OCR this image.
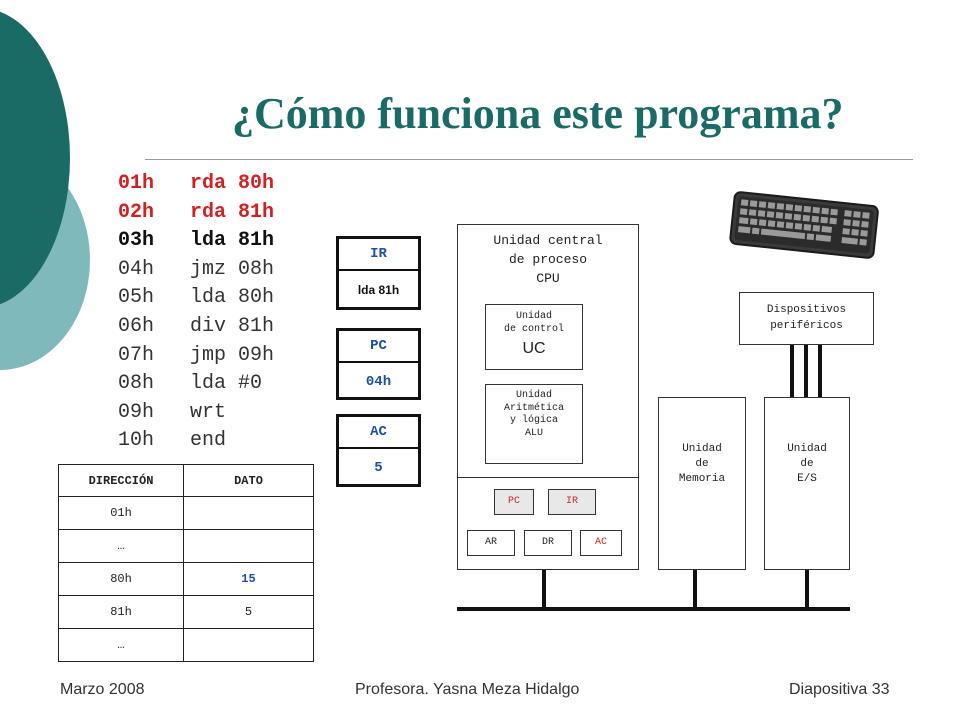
¿Cómo funciona este programa?
01h	rda 80h
02h	rda 81h
03h	lda 81h
04h	jmz 08h
05h	lda 80h
06h	div 81h
07h	jmp 09h
08h	lda #0
09h	wrt
10h	end
DIRECCIÓN	DATO
01h	
…	
80h	15
81h	5
…	
IR
lda 81h
PC
04h
AC
5
Unidad central
de proceso
CPU
Unidad
de control
UC
Unidad
Aritmética
y lógica
ALU
PC	IR
AR	DR	AC
Unidad
de
Memoria
Unidad
de
E/S
Dispositivos
periféricos
Marzo 2008	Profesora. Yasna Meza Hidalgo	Diapositiva 33
